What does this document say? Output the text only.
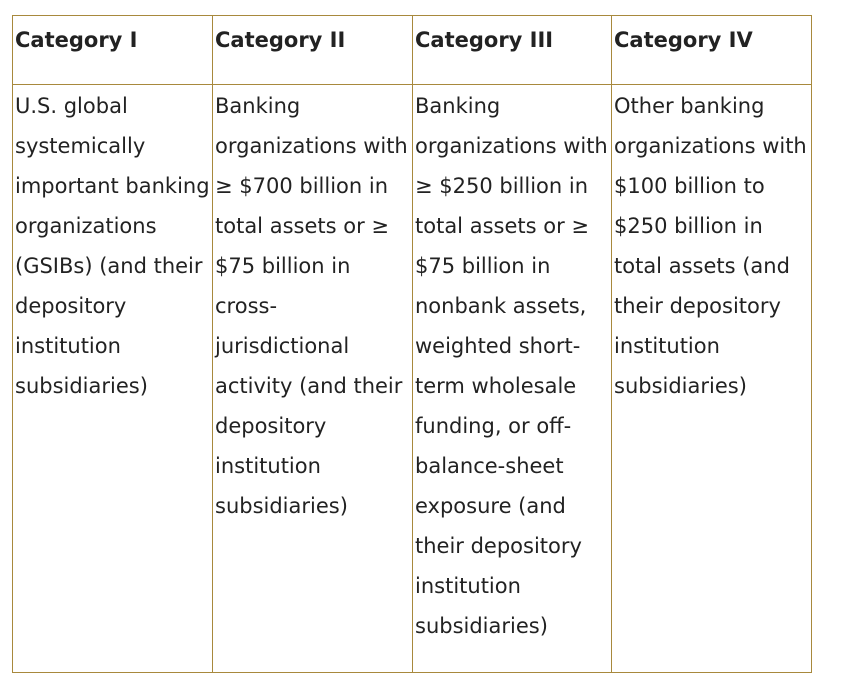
Category I	Category II	Category III	Category IV
U.S. global systemically important banking organizations (GSIBs) (and their depository institution subsidiaries)	Banking organizations with ≥ $700 billion in total assets or ≥ $75 billion in cross-jurisdictional activity (and their depository institution subsidiaries)	Banking organizations with ≥ $250 billion in total assets or ≥ $75 billion in nonbank assets, weighted short-term wholesale funding, or off-balance-sheet exposure (and their depository institution subsidiaries)	Other banking organizations with $100 billion to $250 billion in total assets (and their depository institution subsidiaries)
